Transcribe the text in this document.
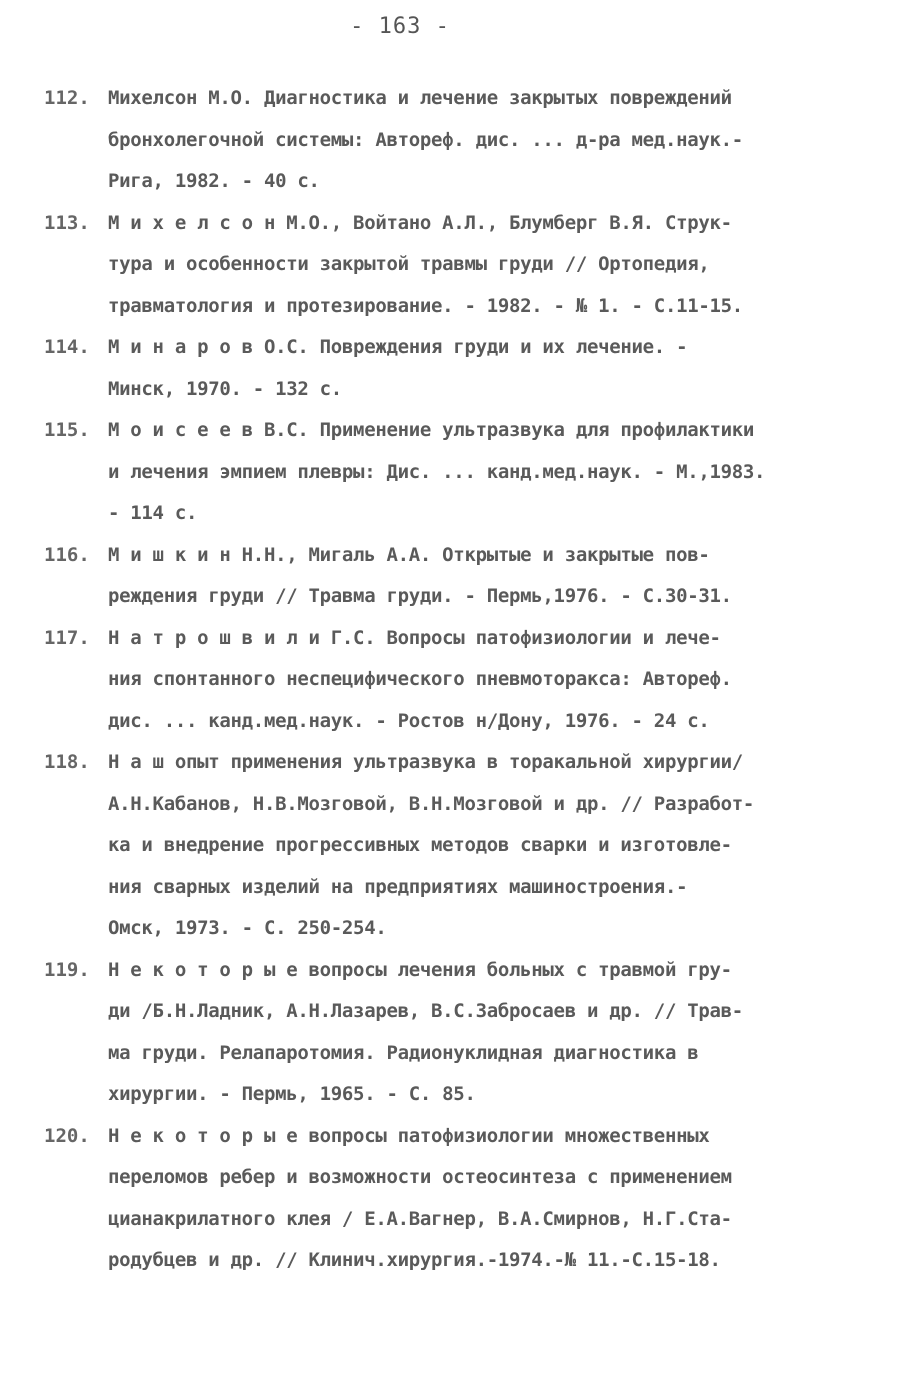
- 163 -
112. Михелсон М.О. Диагностика и лечение закрытых повреждений
бронхолегочной системы: Автореф. дис. ... д-ра мед.наук.-
Рига, 1982. - 40 с.
113. М и х е л с о н М.О., Войтано А.Л., Блумберг В.Я. Струк-
тура и особенности закрытой травмы груди // Ортопедия,
травматология и протезирование. - 1982. - № 1. - С.11-15.
114. М и н а р о в О.С. Повреждения груди и их лечение. -
Минск, 1970. - 132 с.
115. М о и с е е в В.С. Применение ультразвука для профилактики
и лечения эмпием плевры: Дис. ... канд.мед.наук. - М.,1983.
- 114 с.
116. М и ш к и н Н.Н., Мигаль А.А. Открытые и закрытые пов-
реждения груди // Травма груди. - Пермь,1976. - С.30-31.
117. Н а т р о ш в и л и Г.С. Вопросы патофизиологии и лече-
ния спонтанного неспецифического пневмоторакса: Автореф.
дис. ... канд.мед.наук. - Ростов н/Дону, 1976. - 24 с.
118. Н а ш опыт применения ультразвука в торакальной хирургии/
А.Н.Кабанов, Н.В.Мозговой, В.Н.Мозговой и др. // Разработ-
ка и внедрение прогрессивных методов сварки и изготовле-
ния сварных изделий на предприятиях машиностроения.-
Омск, 1973. - С. 250-254.
119. Н е к о т о р ы е вопросы лечения больных с травмой гру-
ди /Б.Н.Ладник, А.Н.Лазарев, В.С.Забросаев и др. // Трав-
ма груди. Релапаротомия. Радионуклидная диагностика в
хирургии. - Пермь, 1965. - С. 85.
120. Н е к о т о р ы е вопросы патофизиологии множественных
переломов ребер и возможности остеосинтеза с применением
цианакрилатного клея / Е.А.Вагнер, В.А.Смирнов, Н.Г.Ста-
родубцев и др. // Клинич.хирургия.-1974.-№ 11.-С.15-18.
